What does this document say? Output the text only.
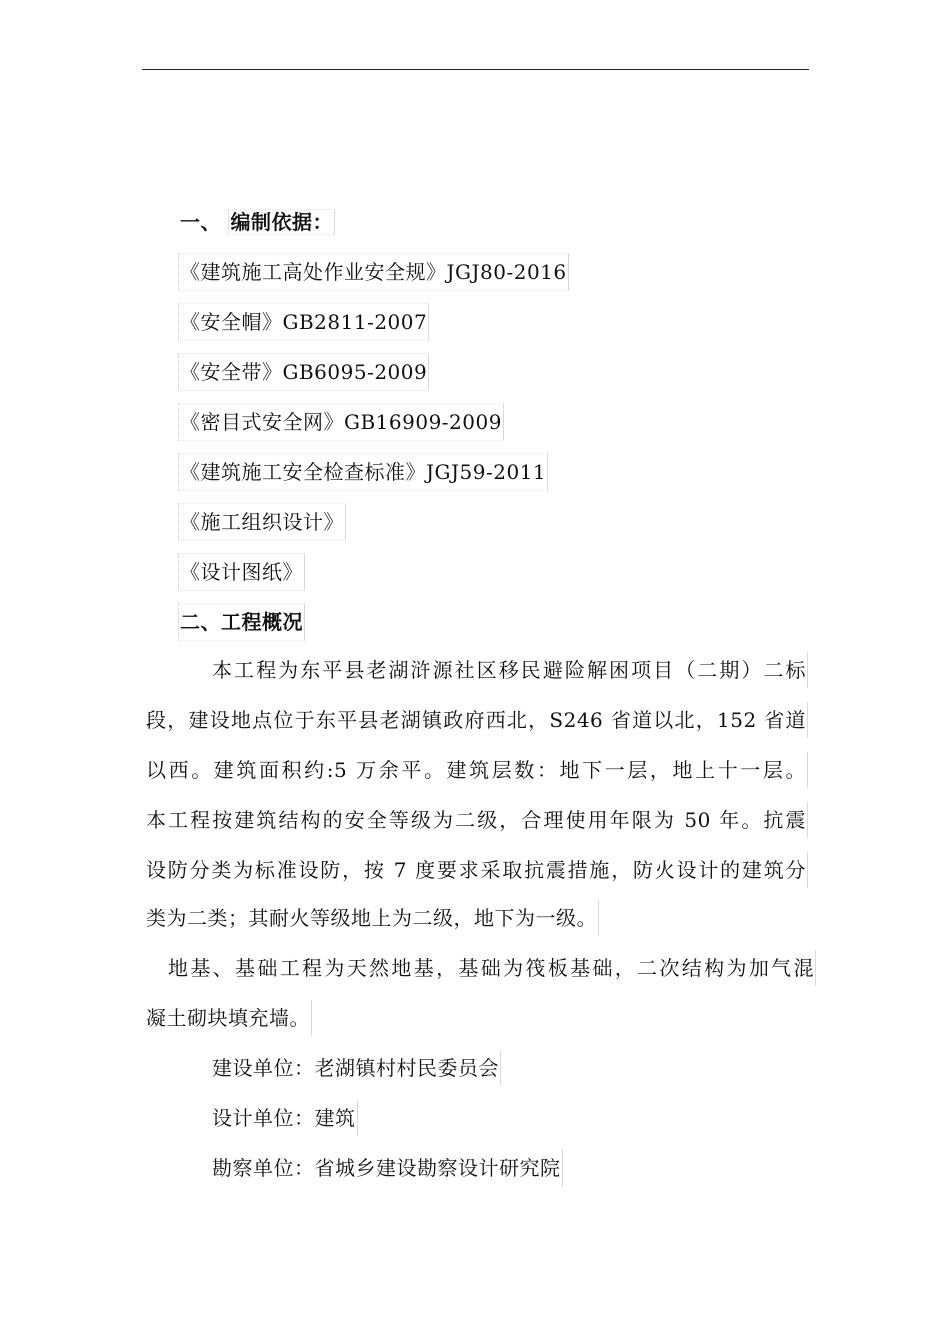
一、 编制依据：
《建筑施工高处作业安全规》JGJ80-2016
《安全帽》GB2811-2007
《安全带》GB6095-2009
《密目式安全网》GB16909-2009
《建筑施工安全检查标准》JGJ59-2011
《施工组织设计》
《设计图纸》
二、工程概况
本工程为东平县老湖浒源社区移民避险解困项目（二期）二标
段，建设地点位于东平县老湖镇政府西北，S246 省道以北，152 省道
以西。建筑面积约:5 万余平。建筑层数：地下一层，地上十一层。
本工程按建筑结构的安全等级为二级，合理使用年限为 50 年。抗震
设防分类为标准设防，按 7 度要求采取抗震措施，防火设计的建筑分
类为二类；其耐火等级地上为二级，地下为一级。
地基、基础工程为天然地基，基础为筏板基础，二次结构为加气混
凝土砌块填充墙。
建设单位：老湖镇村村民委员会
设计单位：建筑
勘察单位：省城乡建设勘察设计研究院
